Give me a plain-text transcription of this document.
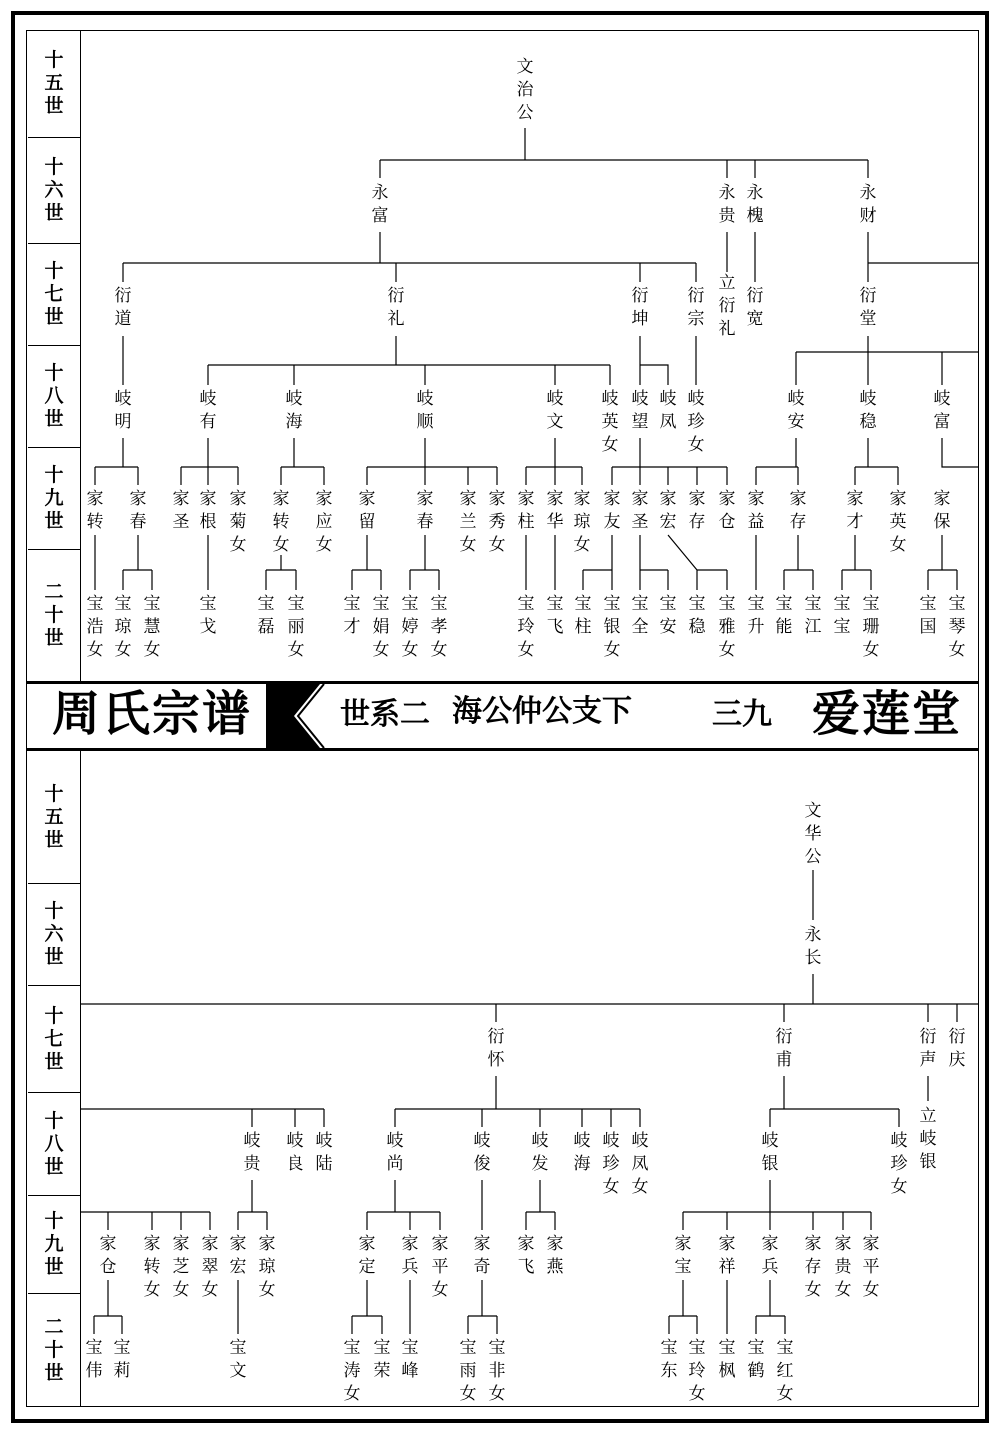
十
五
世
十
六
世
十
七
世
十
八
世
十
九
世
二
十
世
周氏宗谱	世系二 海公仲公支下	三九 爱莲堂
十
五
世
十
六
世
十
七
世
十
八
世
十
九
世
二
十
世
文
治
公
永
富
永
贵
永
槐
永
财
立
衍
礼
衍
道
衍
礼
衍
坤
衍
宗
衍
宽
衍
堂
岐
明
岐
有
岐
海
岐
顺
岐
文
岐
英
女
岐
望
岐
凤
岐
珍
女
岐
安
岐
稳
岐
富
家
转
家
春
家
圣
家
根
家
菊
女
家
转
女
家
应
女
家
留
家
春
家
兰
女
家
秀
女
家
柱
家
华
家
琼
女
家
友
家
圣
家
宏
家
存
家
仓
家
益
家
存
家
才
家
英
女
家
保
宝
浩
女
宝
琼
女
宝
慧
女
宝
戈
宝
磊
宝
丽
女
宝
才
宝
娟
女
宝
婷
女
宝
孝
女
宝
玲
女
宝
飞
宝
柱
宝
银
女
宝
全
宝
安
宝
稳
宝
雅
女
宝
升
宝
能
宝
江
宝
宝
宝
珊
女
宝
国
宝
琴
女
文
华
公
永
长
衍
怀
衍
甫
衍
声
衍
庆
立
岐
银
岐
贵
岐
良
岐
陆
岐
尚
岐
俊
岐
发
岐
海
岐
珍
女
岐
凤
女
岐
银
岐
珍
女
家
仓
家
转
女
家
芝
女
家
翠
女
家
宏
家
琼
女
家
定
家
兵
家
平
女
家
奇
家
飞
家
燕
家
宝
家
祥
家
兵
家
存
女
家
贵
女
家
平
女
宝
伟
宝
莉
宝
文
宝
涛
女
宝
荣
宝
峰
宝
雨
女
宝
非
女
宝
东
宝
玲
女
宝
枫
宝
鹤
宝
红
女
